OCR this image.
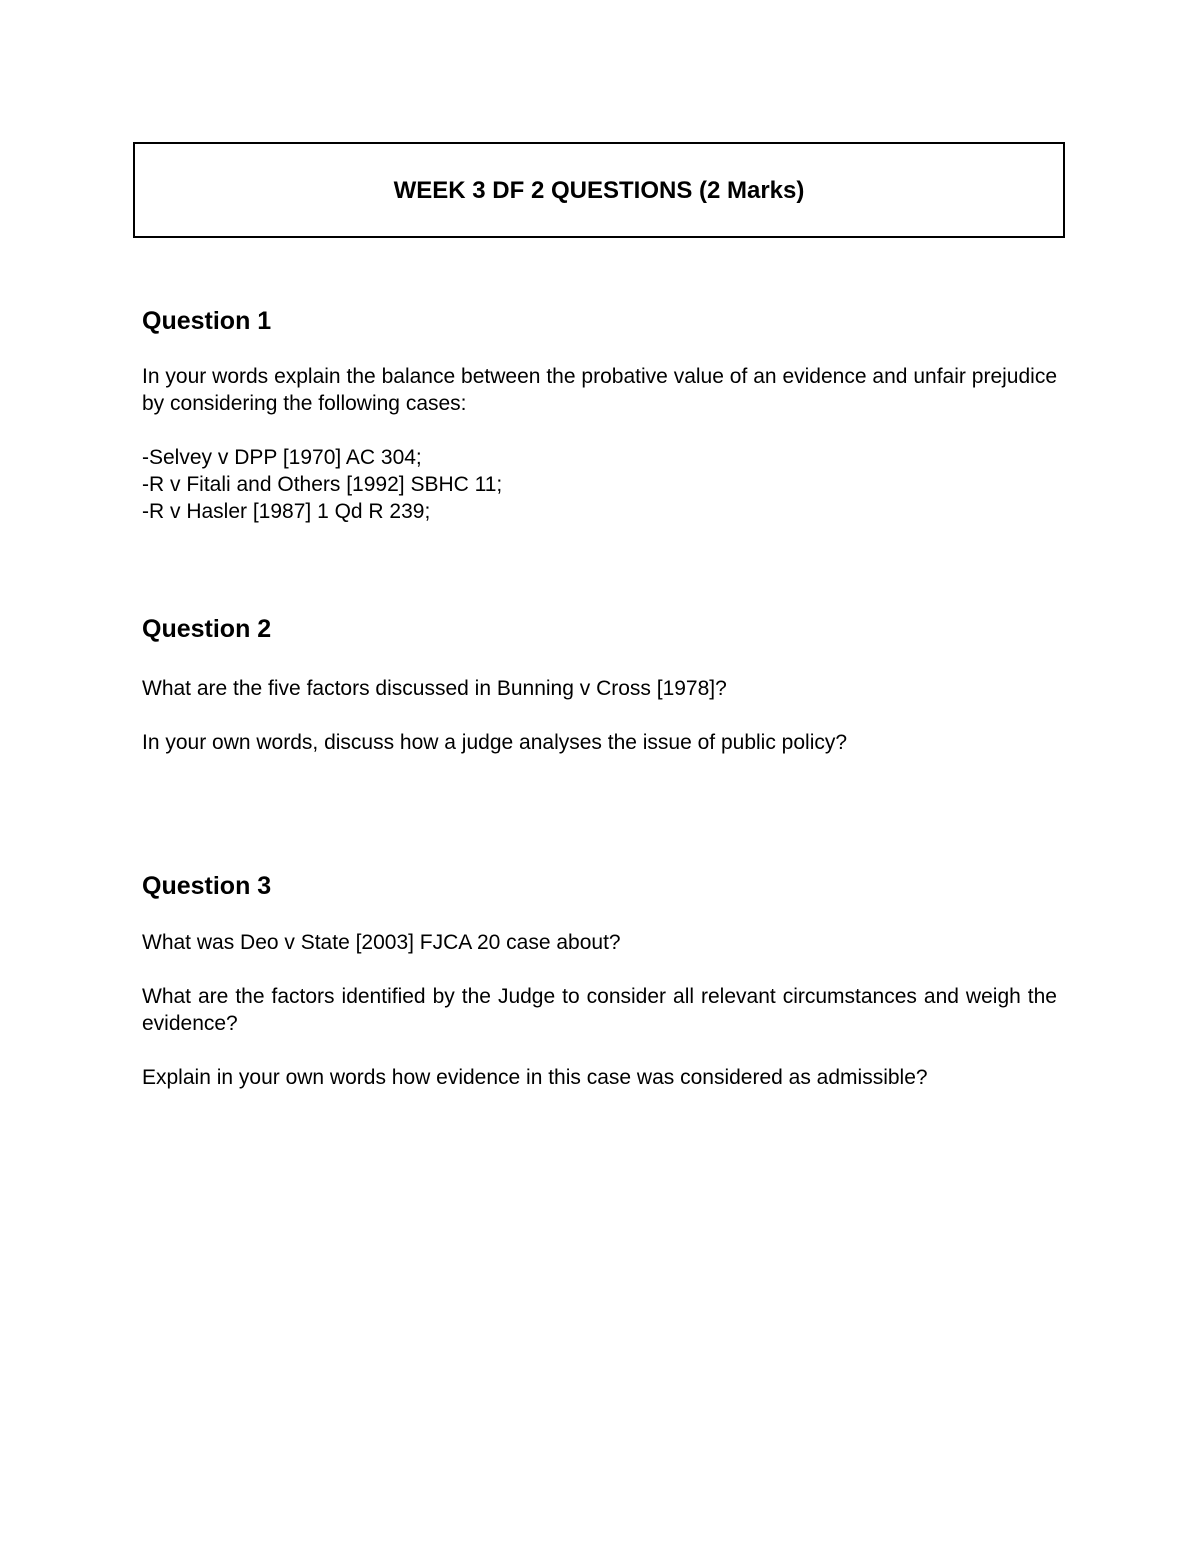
WEEK 3 DF 2 QUESTIONS (2 Marks)
Question 1

In your words explain the balance between the probative value of an evidence and unfair prejudice by considering the following cases:

-Selvey v DPP [1970] AC 304;
-R v Fitali and Others [1992] SBHC 11;
-R v Hasler [1987] 1 Qd R 239;
Question 2

What are the five factors discussed in Bunning v Cross [1978]?

In your own words, discuss how a judge analyses the issue of public policy?

Question 3

What was Deo v State [2003] FJCA 20 case about?

What are the factors identified by the Judge to consider all relevant circumstances and weigh the evidence?

Explain in your own words how evidence in this case was considered as admissible?
